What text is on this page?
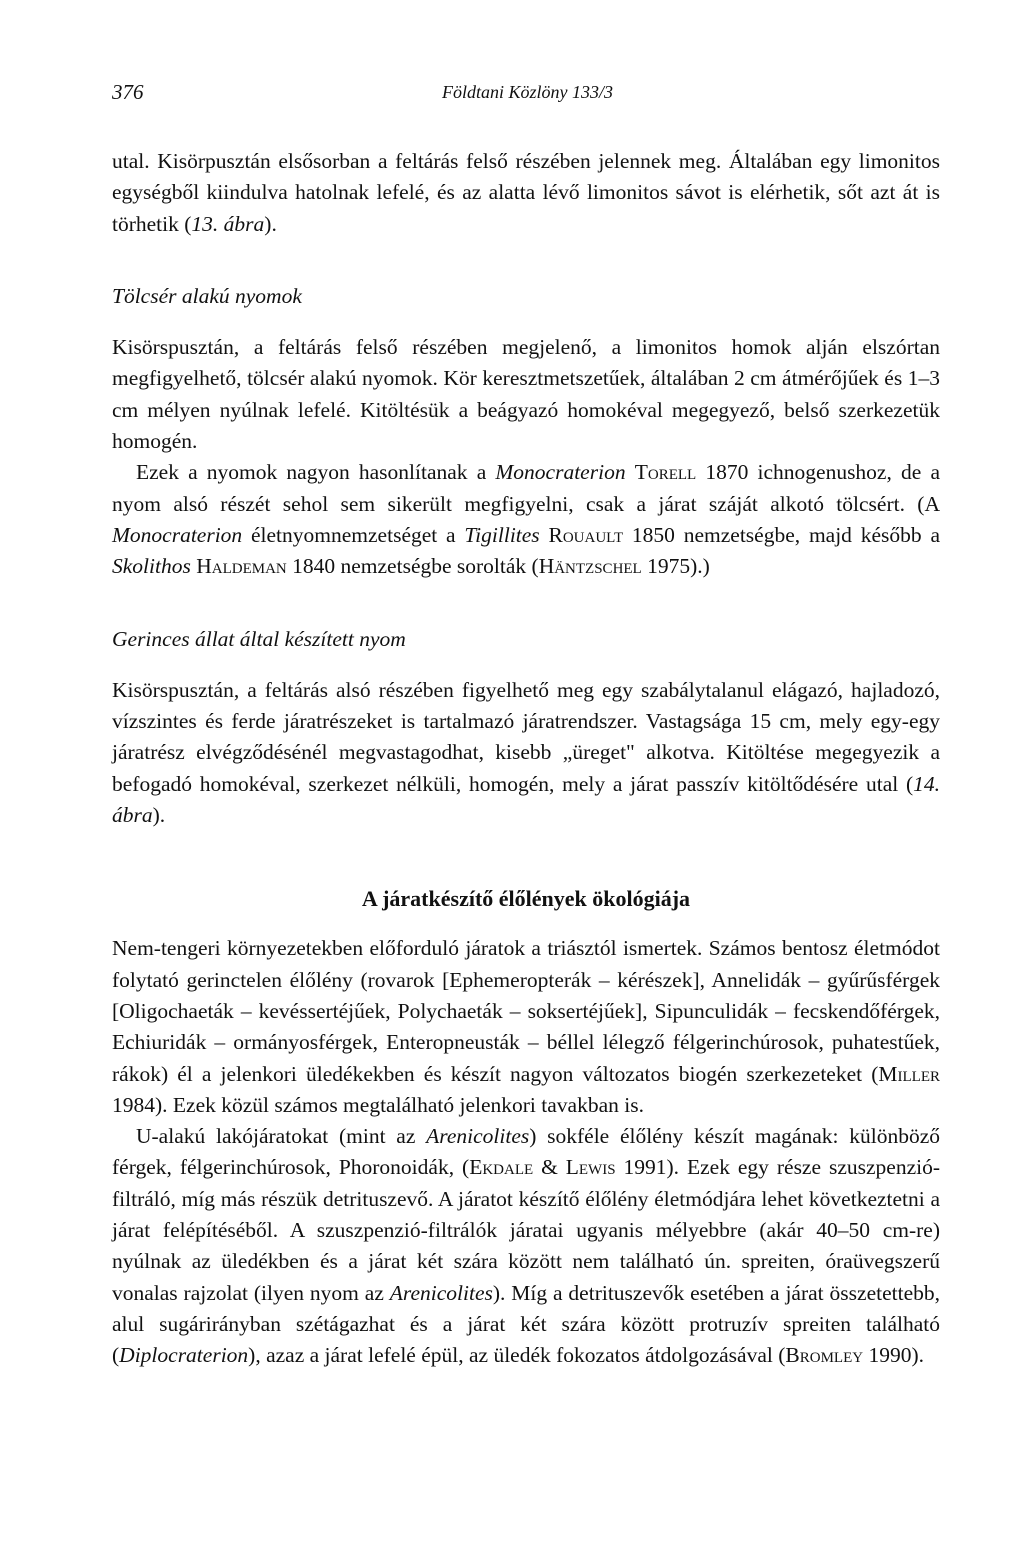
376	Földtani Közlöny 133/3

utal. Kisörpusztán elsősorban a feltárás felső részében jelennek meg. Általában egy limonitos egységből kiindulva hatolnak lefelé, és az alatta lévő limonitos sávot is elérhetik, sőt azt át is törhetik (13. ábra).

Tölcsér alakú nyomok

Kisörspusztán, a feltárás felső részében megjelenő, a limonitos homok alján elszórtan megfigyelhető, tölcsér alakú nyomok. Kör keresztmetszetűek, általában 2 cm átmérőjűek és 1–3 cm mélyen nyúlnak lefelé. Kitöltésük a beágyazó homokéval megegyező, belső szerkezetük homogén.

Ezek a nyomok nagyon hasonlítanak a Monocraterion Torell 1870 ichnogenushoz, de a nyom alsó részét sehol sem sikerült megfigyelni, csak a járat száját alkotó tölcsért. (A Monocraterion életnyomnemzetséget a Tigillites Rouault 1850 nemzetségbe, majd később a Skolithos Haldeman 1840 nemzetségbe sorolták (Häntzschel 1975).)

Gerinces állat által készített nyom

Kisörspusztán, a feltárás alsó részében figyelhető meg egy szabálytalanul elágazó, hajladozó, vízszintes és ferde járatrészeket is tartalmazó járatrendszer. Vastagsága 15 cm, mely egy-egy járatrész elvégződésénél megvastagodhat, kisebb „üreget" alkotva. Kitöltése megegyezik a befogadó homokéval, szerkezet nélküli, homogén, mely a járat passzív kitöltődésére utal (14. ábra).

A járatkészítő élőlények ökológiája

Nem-tengeri környezetekben előforduló járatok a triásztól ismertek. Számos bentosz életmódot folytató gerinctelen élőlény (rovarok [Ephemeropterák – kérészek], Annelidák – gyűrűsférgek [Oligochaeták – kevéssertéjűek, Polychaeták – soksertéjűek], Sipunculidák – fecskendőférgek, Echiuridák – ormányosférgek, Enteropneusták – béllel lélegző félgerinchúrosok, puhatestűek, rákok) él a jelenkori üledékekben és készít nagyon változatos biogén szerkezeteket (Miller 1984). Ezek közül számos megtalálható jelenkori tavakban is.

U-alakú lakójáratokat (mint az Arenicolites) sokféle élőlény készít magának: különböző férgek, félgerinchúrosok, Phoronoidák, (Ekdale & Lewis 1991). Ezek egy része szuszpenzió-filtráló, míg más részük detrituszevő. A járatot készítő élőlény életmódjára lehet következtetni a járat felépítéséből. A szuszpenzió-filtrálók járatai ugyanis mélyebbre (akár 40–50 cm-re) nyúlnak az üledékben és a járat két szára között nem található ún. spreiten, óraüvegszerű vonalas rajzolat (ilyen nyom az Arenicolites). Míg a detrituszevők esetében a járat összetettebb, alul sugárirányban szétágazhat és a járat két szára között protruzív spreiten található (Diplocraterion), azaz a járat lefelé épül, az üledék fokozatos átdolgozásával (Bromley 1990).
